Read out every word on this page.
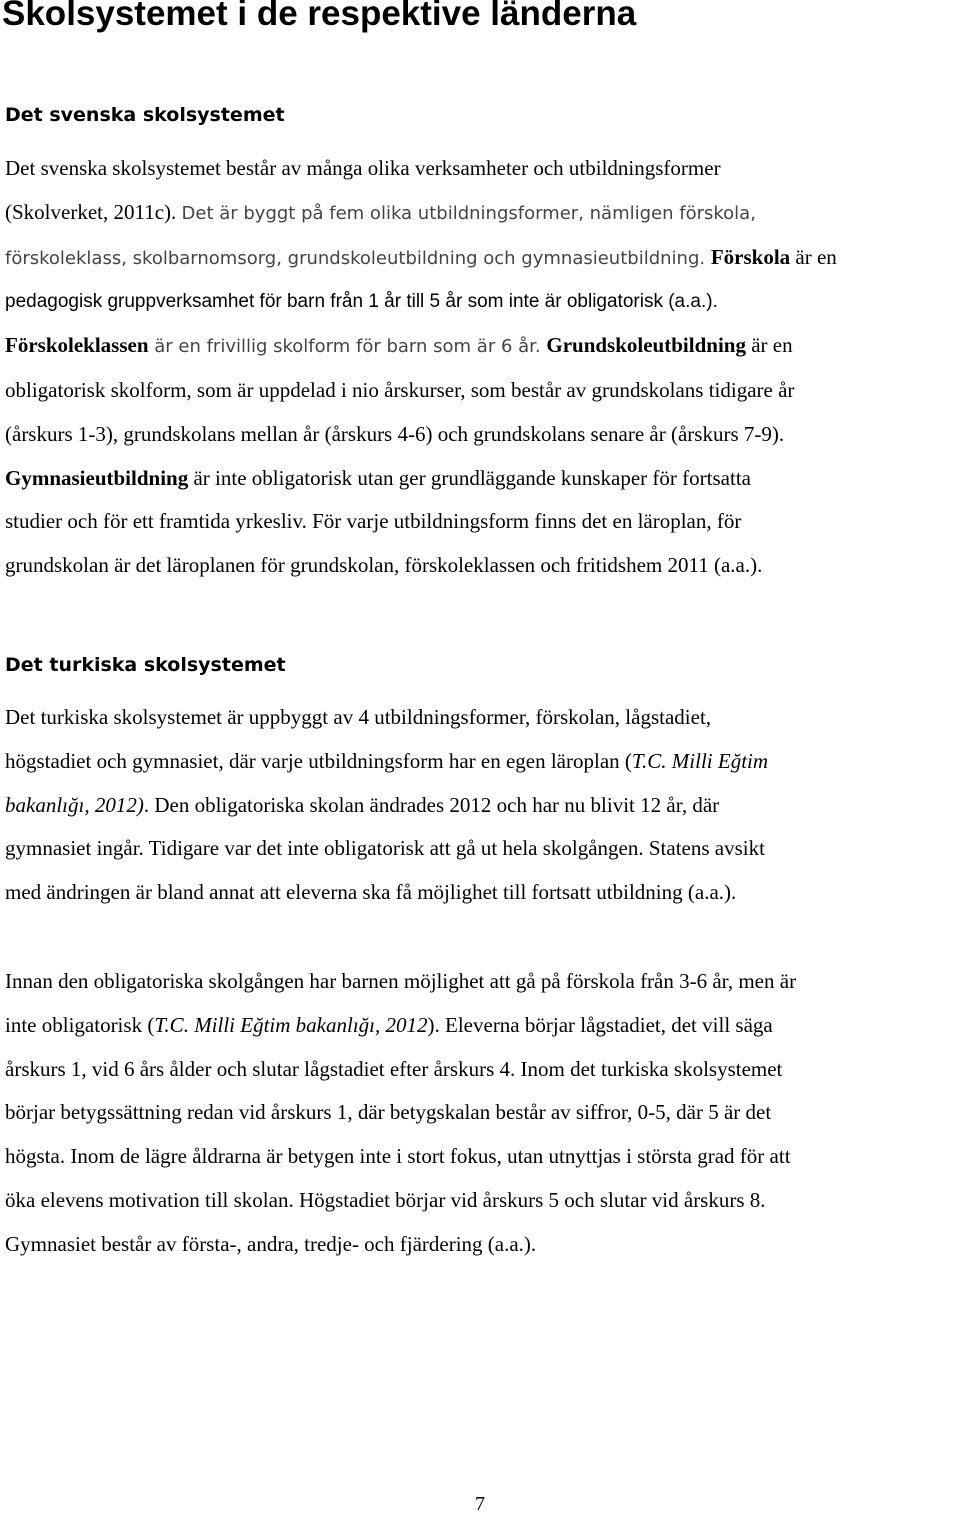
Skolsystemet i de respektive länderna
Det svenska skolsystemet
Det svenska skolsystemet består av många olika verksamheter och utbildningsformer
(Skolverket, 2011c). Det är byggt på fem olika utbildningsformer, nämligen förskola,
förskoleklass, skolbarnomsorg, grundskoleutbildning och gymnasieutbildning. Förskola är en
pedagogisk gruppverksamhet för barn från 1 år till 5 år som inte är obligatorisk (a.a.).
Förskoleklassen är en frivillig skolform för barn som är 6 år. Grundskoleutbildning är en
obligatorisk skolform, som är uppdelad i nio årskurser, som består av grundskolans tidigare år
(årskurs 1-3), grundskolans mellan år (årskurs 4-6) och grundskolans senare år (årskurs 7-9).
Gymnasieutbildning är inte obligatorisk utan ger grundläggande kunskaper för fortsatta
studier och för ett framtida yrkesliv. För varje utbildningsform finns det en läroplan, för
grundskolan är det läroplanen för grundskolan, förskoleklassen och fritidshem 2011 (a.a.).
Det turkiska skolsystemet
Det turkiska skolsystemet är uppbyggt av 4 utbildningsformer, förskolan, lågstadiet,
högstadiet och gymnasiet, där varje utbildningsform har en egen läroplan (T.C. Milli Eğtim
bakanlığı, 2012). Den obligatoriska skolan ändrades 2012 och har nu blivit 12 år, där
gymnasiet ingår. Tidigare var det inte obligatorisk att gå ut hela skolgången. Statens avsikt
med ändringen är bland annat att eleverna ska få möjlighet till fortsatt utbildning (a.a.).
Innan den obligatoriska skolgången har barnen möjlighet att gå på förskola från 3-6 år, men är
inte obligatorisk (T.C. Milli Eğtim bakanlığı, 2012). Eleverna börjar lågstadiet, det vill säga
årskurs 1, vid 6 års ålder och slutar lågstadiet efter årskurs 4. Inom det turkiska skolsystemet
börjar betygssättning redan vid årskurs 1, där betygskalan består av siffror, 0-5, där 5 är det
högsta. Inom de lägre åldrarna är betygen inte i stort fokus, utan utnyttjas i största grad för att
öka elevens motivation till skolan. Högstadiet börjar vid årskurs 5 och slutar vid årskurs 8.
Gymnasiet består av första-, andra, tredje- och fjärdering (a.a.).
7
